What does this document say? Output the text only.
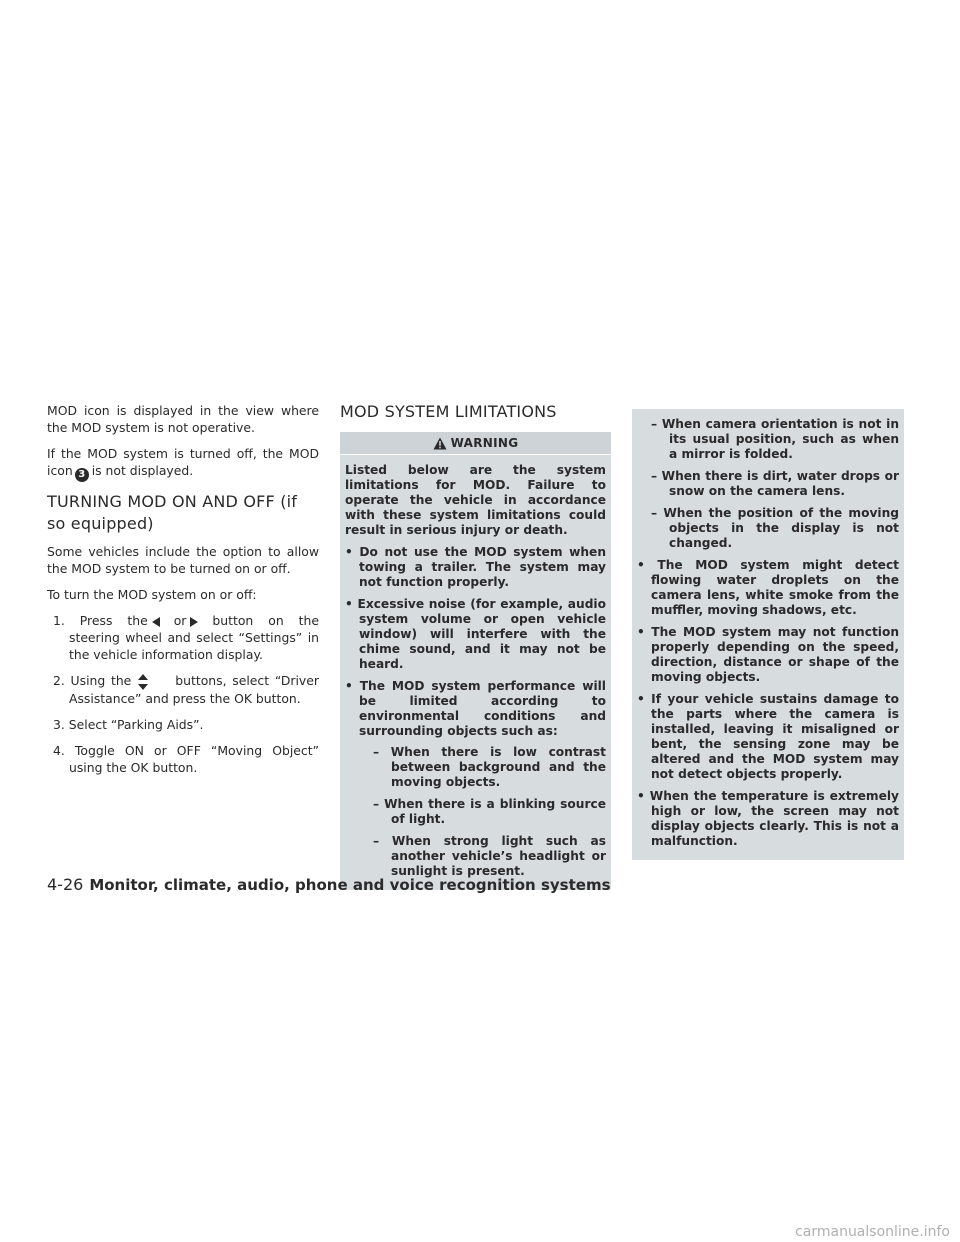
MOD icon is displayed in the view where the MOD system is not operative.

If the MOD system is turned off, the MOD icon 3 is not displayed.

TURNING MOD ON AND OFF (if so equipped)

Some vehicles include the option to allow the MOD system to be turned on or off.

To turn the MOD system on or off:

1. Press the or button on the steering wheel and select “Settings” in the vehicle information display.
2. Using the	buttons, select “Driver Assistance” and press the OK button.
3. Select “Parking Aids”.
4. Toggle ON or OFF “Moving Object” using the OK button.
MOD SYSTEM LIMITATIONS
WARNING

Listed below are the system limitations for MOD. Failure to operate the vehicle in accordance with these system limitations could result in serious injury or death.

• Do not use the MOD system when towing a trailer. The system may not function properly.
• Excessive noise (for example, audio system volume or open vehicle window) will interfere with the chime sound, and it may not be heard.
• The MOD system performance will be limited according to environmental conditions and surrounding objects such as:
– When there is low contrast between background and the moving objects.
– When there is a blinking source of light.
– When strong light such as another vehicle’s headlight or sunlight is present.
– When camera orientation is not in its usual position, such as when a mirror is folded.
– When there is dirt, water drops or snow on the camera lens.
– When the position of the moving objects in the display is not changed.
• The MOD system might detect flowing water droplets on the camera lens, white smoke from the muffler, moving shadows, etc.
• The MOD system may not function properly depending on the speed, direction, distance or shape of the moving objects.
• If your vehicle sustains damage to the parts where the camera is installed, leaving it misaligned or bent, the sensing zone may be altered and the MOD system may not detect objects properly.
• When the temperature is extremely high or low, the screen may not display objects clearly. This is not a malfunction.
4-26 Monitor, climate, audio, phone and voice recognition systems
carmanualsonline.info
